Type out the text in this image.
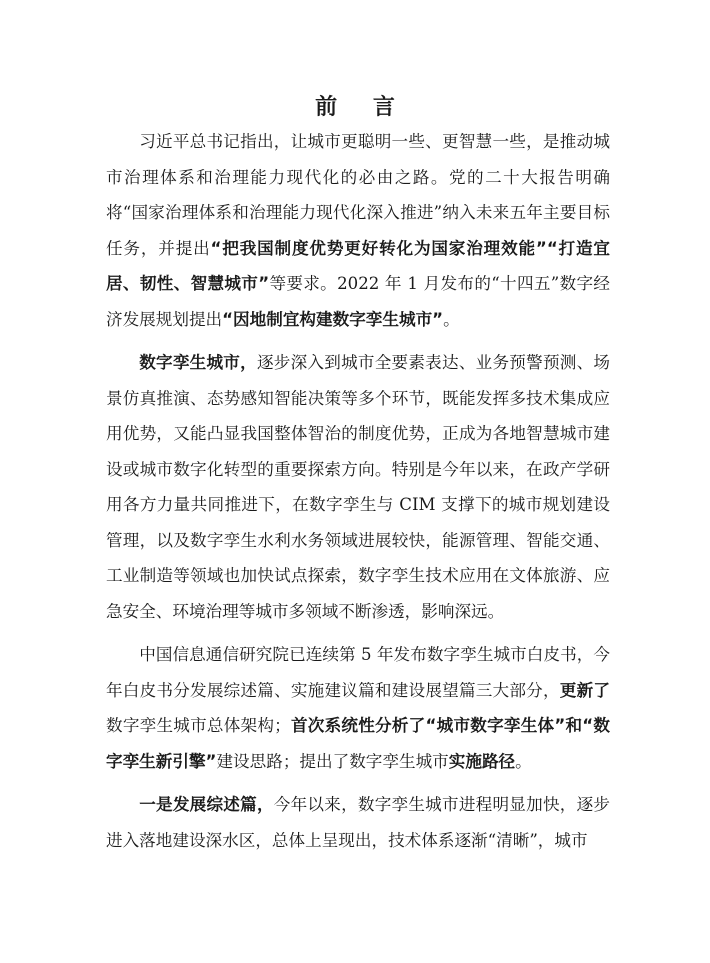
前 言

习近平总书记指出，让城市更聪明一些、更智慧一些，是推动城市治理体系和治理能力现代化的必由之路。党的二十大报告明确将“国家治理体系和治理能力现代化深入推进”纳入未来五年主要目标任务，并提出“把我国制度优势更好转化为国家治理效能”“打造宜居、韧性、智慧城市”等要求。2022 年 1 月发布的“十四五”数字经济发展规划提出“因地制宜构建数字孪生城市”。

数字孪生城市，逐步深入到城市全要素表达、业务预警预测、场景仿真推演、态势感知智能决策等多个环节，既能发挥多技术集成应用优势，又能凸显我国整体智治的制度优势，正成为各地智慧城市建设或城市数字化转型的重要探索方向。特别是今年以来，在政产学研用各方力量共同推进下，在数字孪生与 CIM 支撑下的城市规划建设管理，以及数字孪生水利水务领域进展较快，能源管理、智能交通、工业制造等领域也加快试点探索，数字孪生技术应用在文体旅游、应急安全、环境治理等城市多领域不断渗透，影响深远。

中国信息通信研究院已连续第 5 年发布数字孪生城市白皮书，今年白皮书分发展综述篇、实施建议篇和建设展望篇三大部分，更新了数字孪生城市总体架构；首次系统性分析了“城市数字孪生体”和“数字孪生新引擎”建设思路；提出了数字孪生城市实施路径。

一是发展综述篇，今年以来，数字孪生城市进程明显加快，逐步进入落地建设深水区，总体上呈现出，技术体系逐渐“清晰”，城市
